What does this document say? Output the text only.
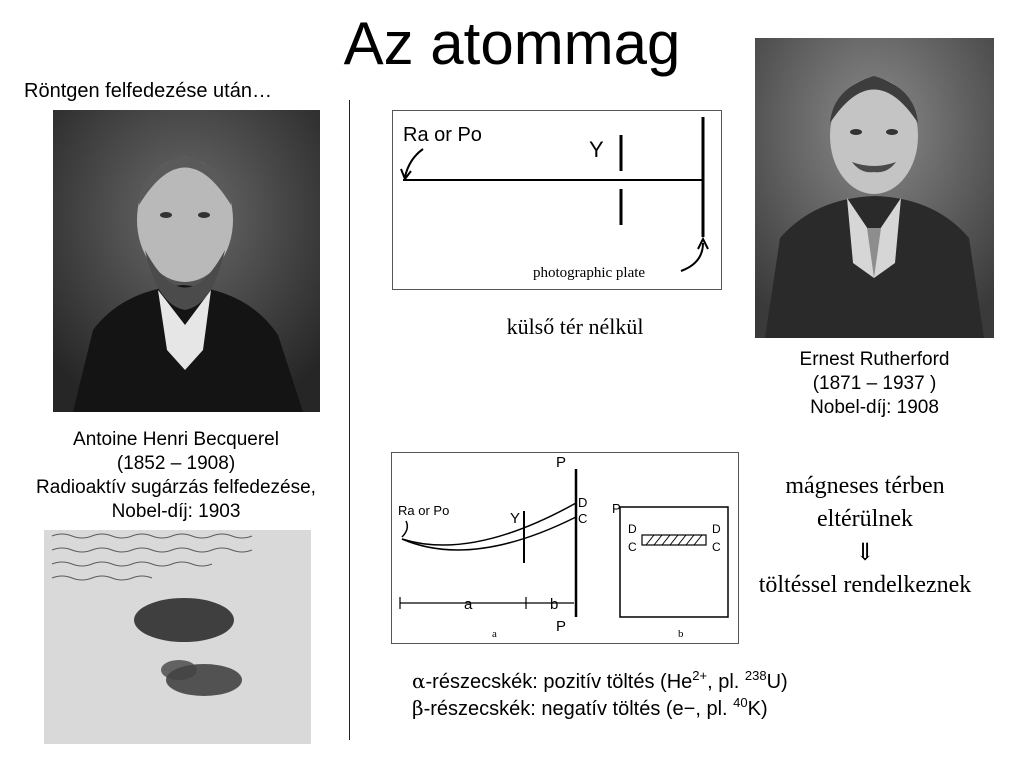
Az atommag
Röntgen felfedezése után…
Antoine Henri Becquerel
(1852 – 1908)
Radioaktív sugárzás felfedezése,
Nobel-díj: 1903
Ra or Po
Y
photographic plate
külső tér nélkül
Ernest Rutherford
(1871 – 1937 )
Nobel-díj: 1908
Ra or Po
P
D
C
Y
a	b
P
a	b
P
D
C
D
C
mágneses térben
eltérülnek
⇓
töltéssel rendelkeznek
α-részecskék: pozitív töltés ($He^{2+}$, pl. $^{238}$U)
β-részecskék: negatív töltés (e−, pl. $^{40}$K)
